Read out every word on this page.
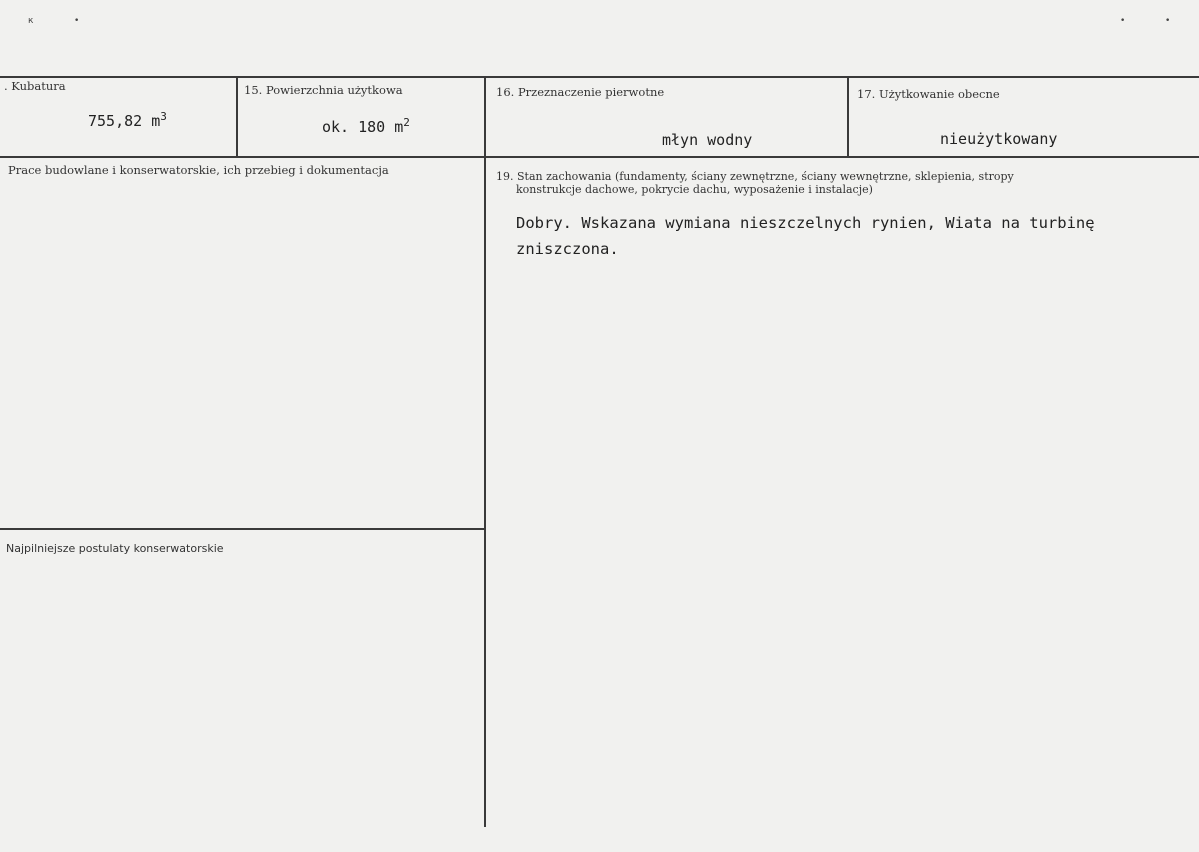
к	•	•	•
. Kubatura
755,82 $m^3$
15. Powierzchnia użytkowa
ok. 180 $m^2$
16. Przeznaczenie pierwotne
młyn wodny
17. Użytkowanie obecne
nieużytkowany
Prace budowlane i konserwatorskie, ich przebieg i dokumentacja	19. Stan zachowania (fundamenty, ściany zewnętrzne, ściany wewnętrzne, sklepienia, stropy
konstrukcje dachowe, pokrycie dachu, wyposażenie i instalacje)
Dobry. Wskazana wymiana nieszczelnych rynien, Wiata na turbinę
zniszczona.
Najpilniejsze postulaty konserwatorskie
